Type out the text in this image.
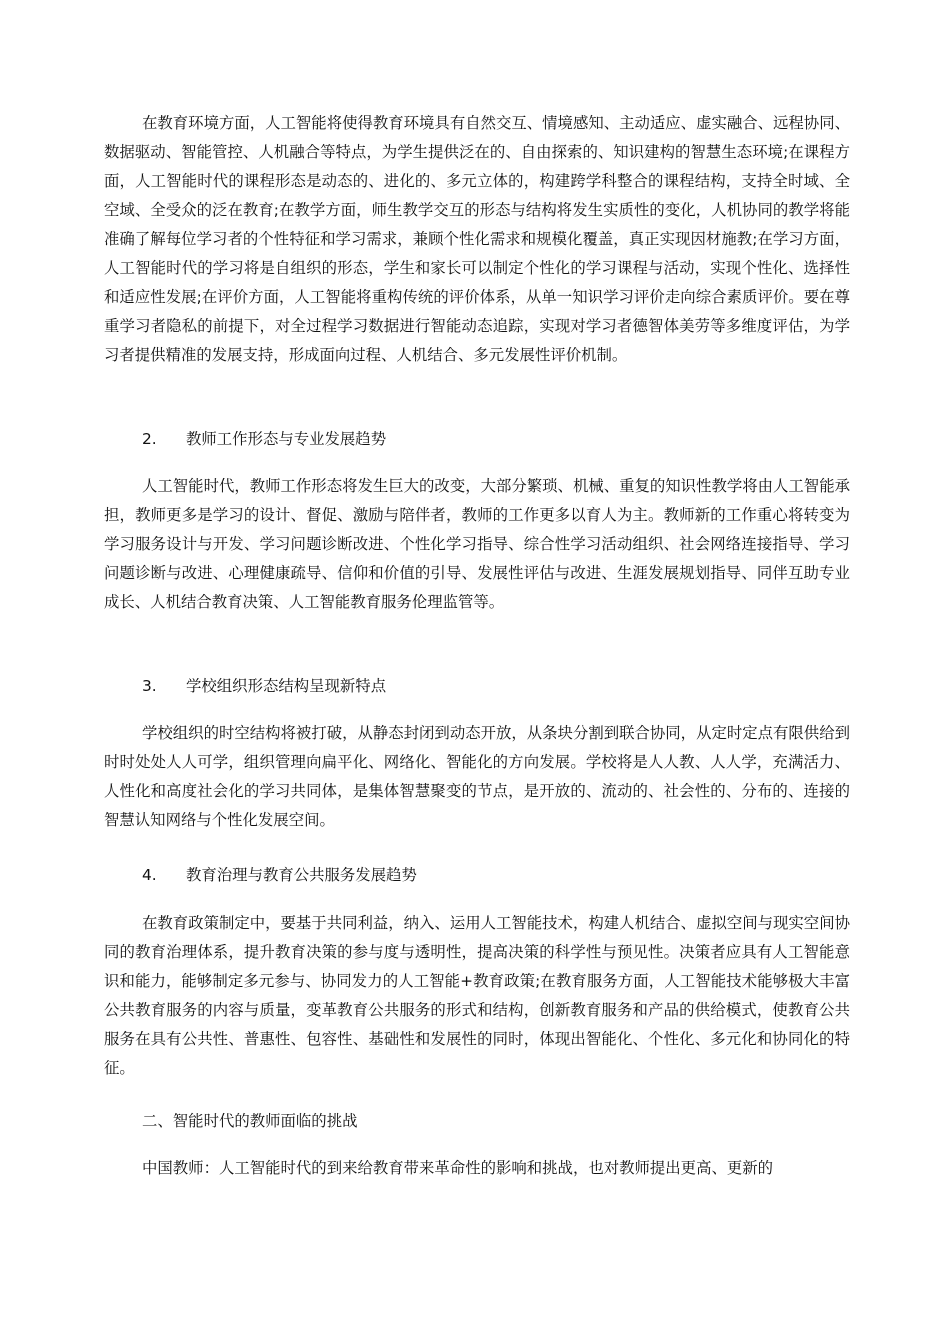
在教育环境方面，人工智能将使得教育环境具有自然交互、情境感知、主动适应、虚实融合、远程协同、数据驱动、智能管控、人机融合等特点，为学生提供泛在的、自由探索的、知识建构的智慧生态环境;在课程方面，人工智能时代的课程形态是动态的、进化的、多元立体的，构建跨学科整合的课程结构，支持全时域、全空域、全受众的泛在教育;在教学方面，师生教学交互的形态与结构将发生实质性的变化，人机协同的教学将能准确了解每位学习者的个性特征和学习需求，兼顾个性化需求和规模化覆盖，真正实现因材施教;在学习方面，人工智能时代的学习将是自组织的形态，学生和家长可以制定个性化的学习课程与活动，实现个性化、选择性和适应性发展;在评价方面，人工智能将重构传统的评价体系，从单一知识学习评价走向综合素质评价。要在尊重学习者隐私的前提下，对全过程学习数据进行智能动态追踪，实现对学习者德智体美劳等多维度评估，为学习者提供精准的发展支持，形成面向过程、人机结合、多元发展性评价机制。

2. 教师工作形态与专业发展趋势

人工智能时代，教师工作形态将发生巨大的改变，大部分繁琐、机械、重复的知识性教学将由人工智能承担，教师更多是学习的设计、督促、激励与陪伴者，教师的工作更多以育人为主。教师新的工作重心将转变为学习服务设计与开发、学习问题诊断改进、个性化学习指导、综合性学习活动组织、社会网络连接指导、学习问题诊断与改进、心理健康疏导、信仰和价值的引导、发展性评估与改进、生涯发展规划指导、同伴互助专业成长、人机结合教育决策、人工智能教育服务伦理监管等。

3. 学校组织形态结构呈现新特点

学校组织的时空结构将被打破，从静态封闭到动态开放，从条块分割到联合协同，从定时定点有限供给到时时处处人人可学，组织管理向扁平化、网络化、智能化的方向发展。学校将是人人教、人人学，充满活力、人性化和高度社会化的学习共同体，是集体智慧聚变的节点，是开放的、流动的、社会性的、分布的、连接的智慧认知网络与个性化发展空间。

4. 教育治理与教育公共服务发展趋势

在教育政策制定中，要基于共同利益，纳入、运用人工智能技术，构建人机结合、虚拟空间与现实空间协同的教育治理体系，提升教育决策的参与度与透明性，提高决策的科学性与预见性。决策者应具有人工智能意识和能力，能够制定多元参与、协同发力的人工智能+教育政策;在教育服务方面，人工智能技术能够极大丰富公共教育服务的内容与质量，变革教育公共服务的形式和结构，创新教育服务和产品的供给模式，使教育公共服务在具有公共性、普惠性、包容性、基础性和发展性的同时，体现出智能化、个性化、多元化和协同化的特征。

二、智能时代的教师面临的挑战

中国教师：人工智能时代的到来给教育带来革命性的影响和挑战，也对教师提出更高、更新的
